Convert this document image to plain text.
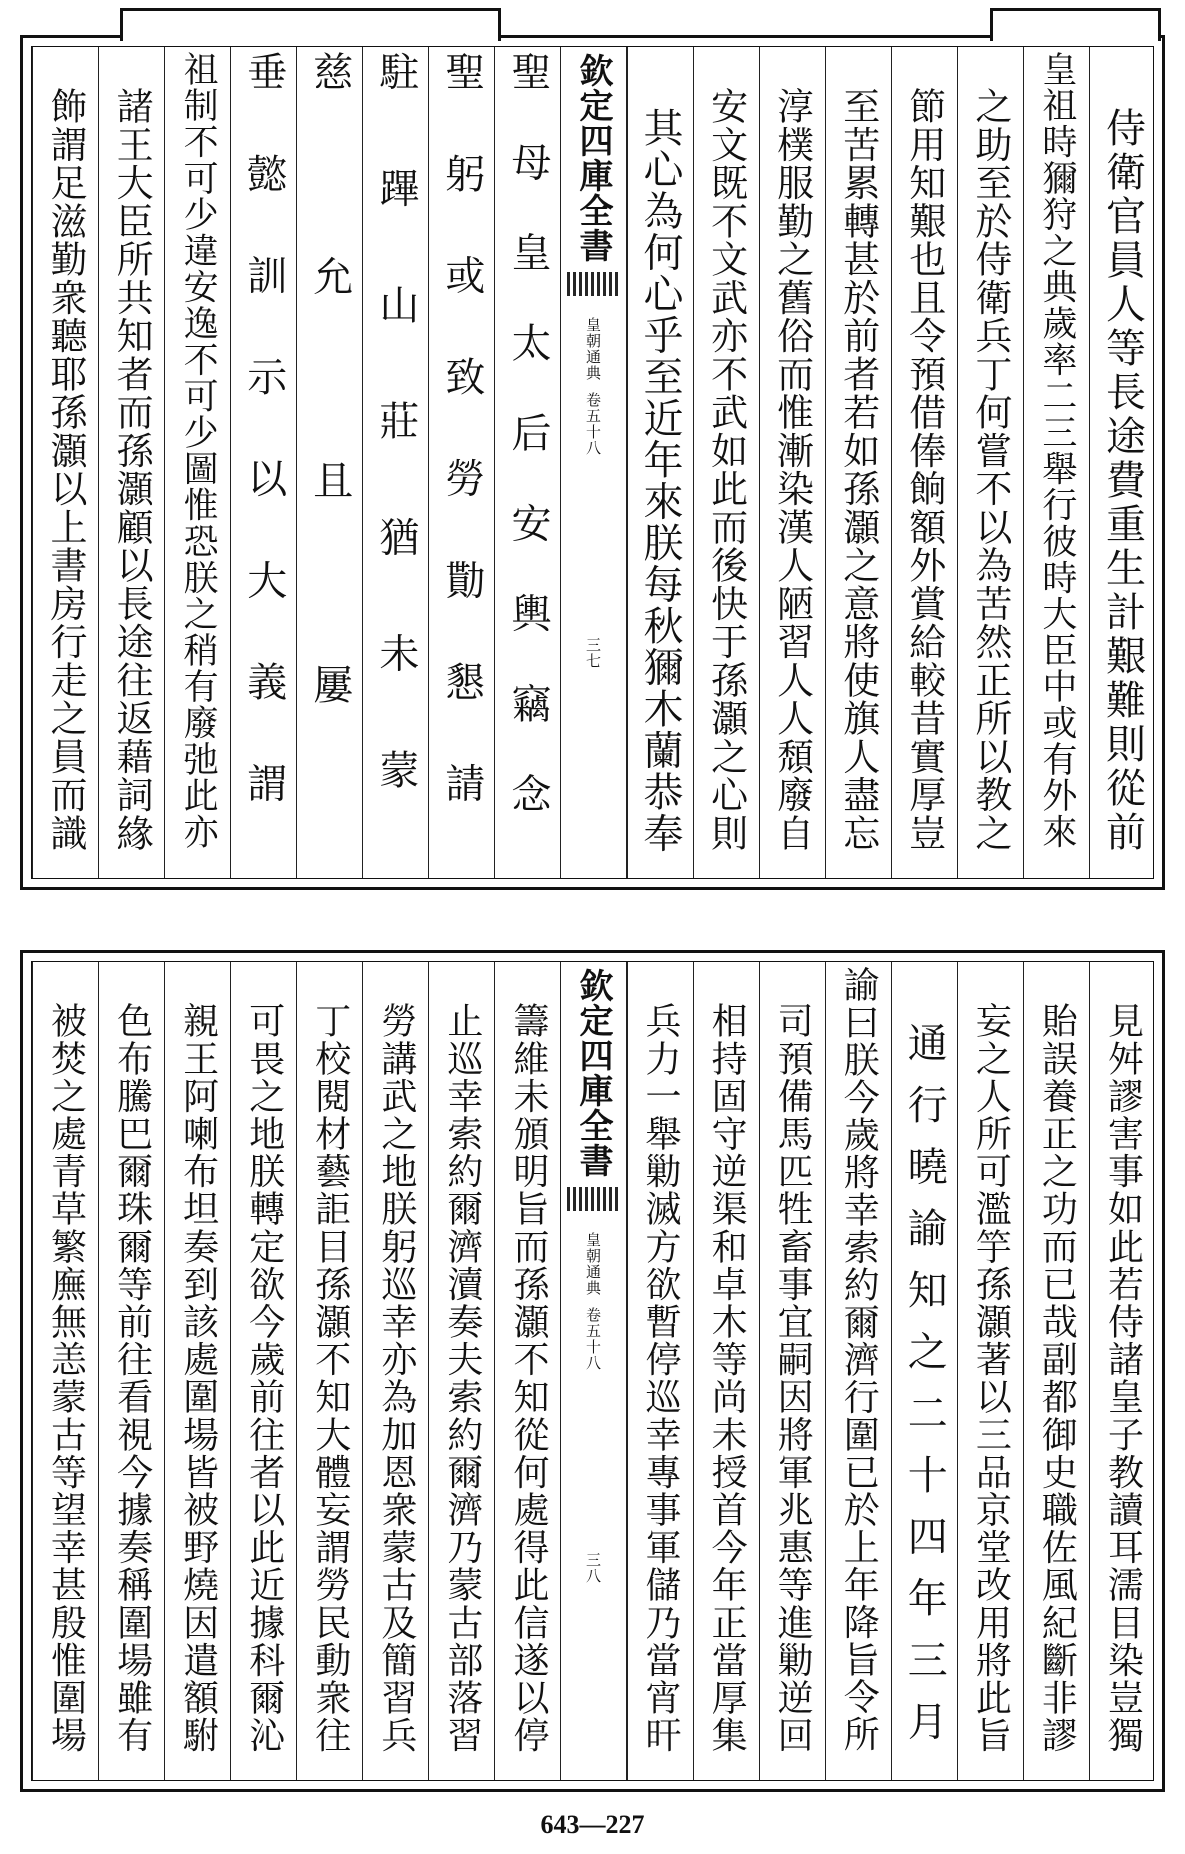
侍衛官員人等長途費重生計艱難則從前
皇祖時獮狩之典歲率二三舉行彼時大臣中或有外來
之助至於侍衛兵丁何嘗不以為苦然正所以教之
節用知艱也且令預借俸餉額外賞給較昔實厚豈
至苦累轉甚於前者若如孫灝之意將使旗人盡忘
淳樸服勤之舊俗而惟漸染漢人陋習人人頹廢自
安文既不文武亦不武如此而後快于孫灝之心則
其心為何心乎至近年來朕每秋獮木蘭恭奉
欽定四庫全書
皇朝通典
卷五十八
三七
聖母皇太后安輿竊念
聖躬或致勞勩懇請
駐蹕山莊猶未蒙
慈允且屢
垂懿訓示以大義謂
祖制不可少違安逸不可少圖惟恐朕之稍有廢弛此亦
諸王大臣所共知者而孫灝顧以長途往返藉詞緣
飾謂足滋勤衆聽耶孫灝以上書房行走之員而識
見舛謬害事如此若侍諸皇子教讀耳濡目染豈獨
貽誤養正之功而已哉副都御史職佐風紀斷非謬
妄之人所可濫竽孫灝著以三品京堂改用將此旨
通行曉諭知之二十四年三月
諭曰朕今歲將幸索約爾濟行圍已於上年降旨令所
司預備馬匹牲畜事宜嗣因將軍兆惠等進勦逆回
相持固守逆渠和卓木等尚未授首今年正當厚集
兵力一舉勦滅方欲暫停巡幸專事軍儲乃當宵旰
欽定四庫全書
皇朝通典
卷五十八
三八
籌維未頒明旨而孫灝不知從何處得此信遂以停
止巡幸索約爾濟瀆奏夫索約爾濟乃蒙古部落習
勞講武之地朕躬巡幸亦為加恩衆蒙古及簡習兵
丁校閱材藝詎目孫灝不知大體妄謂勞民動衆往
可畏之地朕轉定欲今歲前往者以此近據科爾沁
親王阿喇布坦奏到該處圍場皆被野燒因遣額駙
色布騰巴爾珠爾等前往看視今據奏稱圍場雖有
被焚之處青草繁廡無恙蒙古等望幸甚殷惟圍場
643—227
